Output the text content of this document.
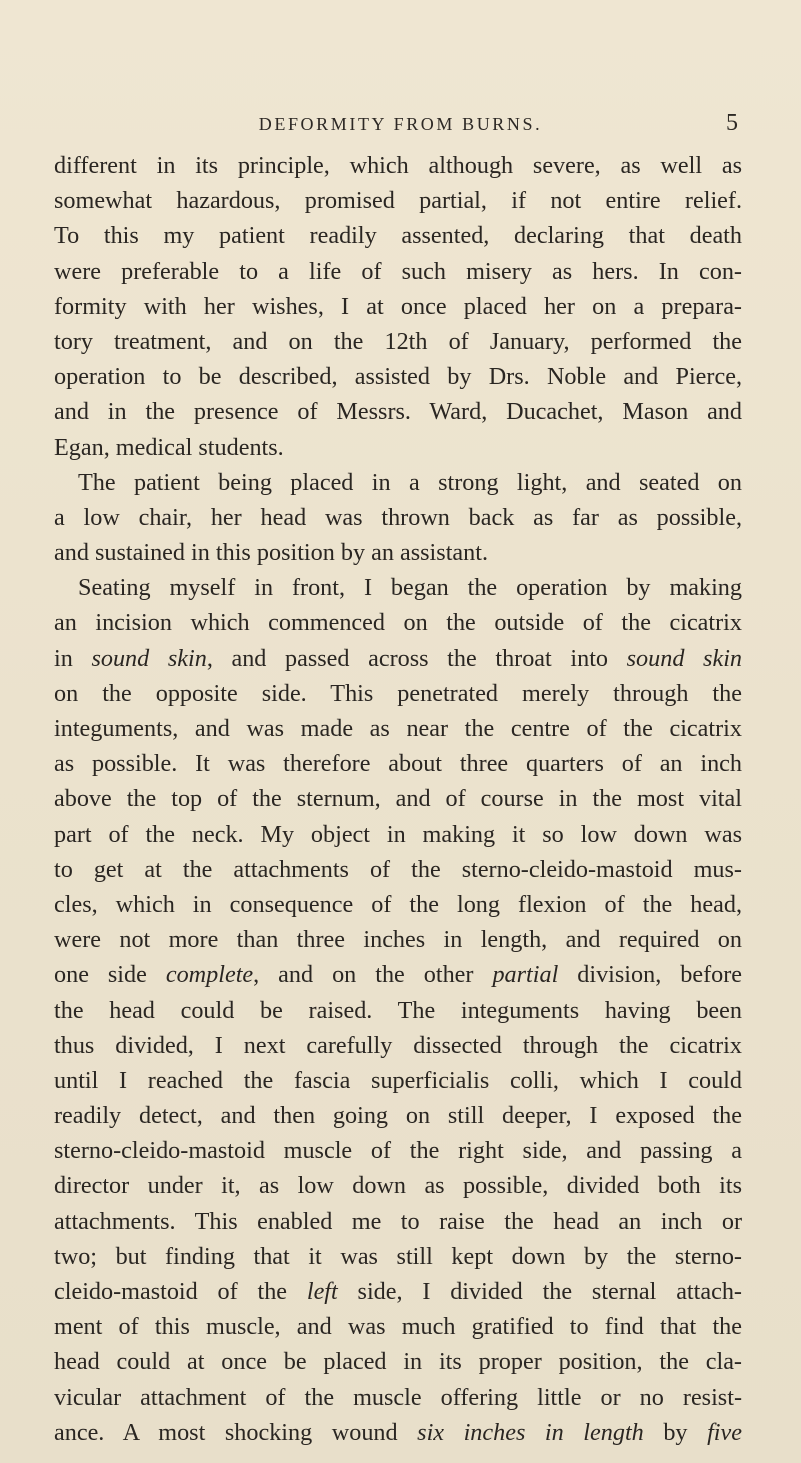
DEFORMITY FROM BURNS.	5
different in its principle, which although severe, as well as
somewhat hazardous, promised partial, if not entire relief.
To this my patient readily assented, declaring that death
were preferable to a life of such misery as hers. In con-
formity with her wishes, I at once placed her on a prepara-
tory treatment, and on the 12th of January, performed the
operation to be described, assisted by Drs. Noble and Pierce,
and in the presence of Messrs. Ward, Ducachet, Mason and
Egan, medical students.
The patient being placed in a strong light, and seated on
a low chair, her head was thrown back as far as possible,
and sustained in this position by an assistant.
Seating myself in front, I began the operation by making
an incision which commenced on the outside of the cicatrix
in sound skin, and passed across the throat into sound skin
on the opposite side. This penetrated merely through the
integuments, and was made as near the centre of the cicatrix
as possible. It was therefore about three quarters of an inch
above the top of the sternum, and of course in the most vital
part of the neck. My object in making it so low down was
to get at the attachments of the sterno-cleido-mastoid mus-
cles, which in consequence of the long flexion of the head,
were not more than three inches in length, and required on
one side complete, and on the other partial division, before
the head could be raised. The integuments having been
thus divided, I next carefully dissected through the cicatrix
until I reached the fascia superficialis colli, which I could
readily detect, and then going on still deeper, I exposed the
sterno-cleido-mastoid muscle of the right side, and passing a
director under it, as low down as possible, divided both its
attachments. This enabled me to raise the head an inch or
two; but finding that it was still kept down by the sterno-
cleido-mastoid of the left side, I divided the sternal attach-
ment of this muscle, and was much gratified to find that the
head could at once be placed in its proper position, the cla-
vicular attachment of the muscle offering little or no resist-
ance. A most shocking wound six inches in length by five
